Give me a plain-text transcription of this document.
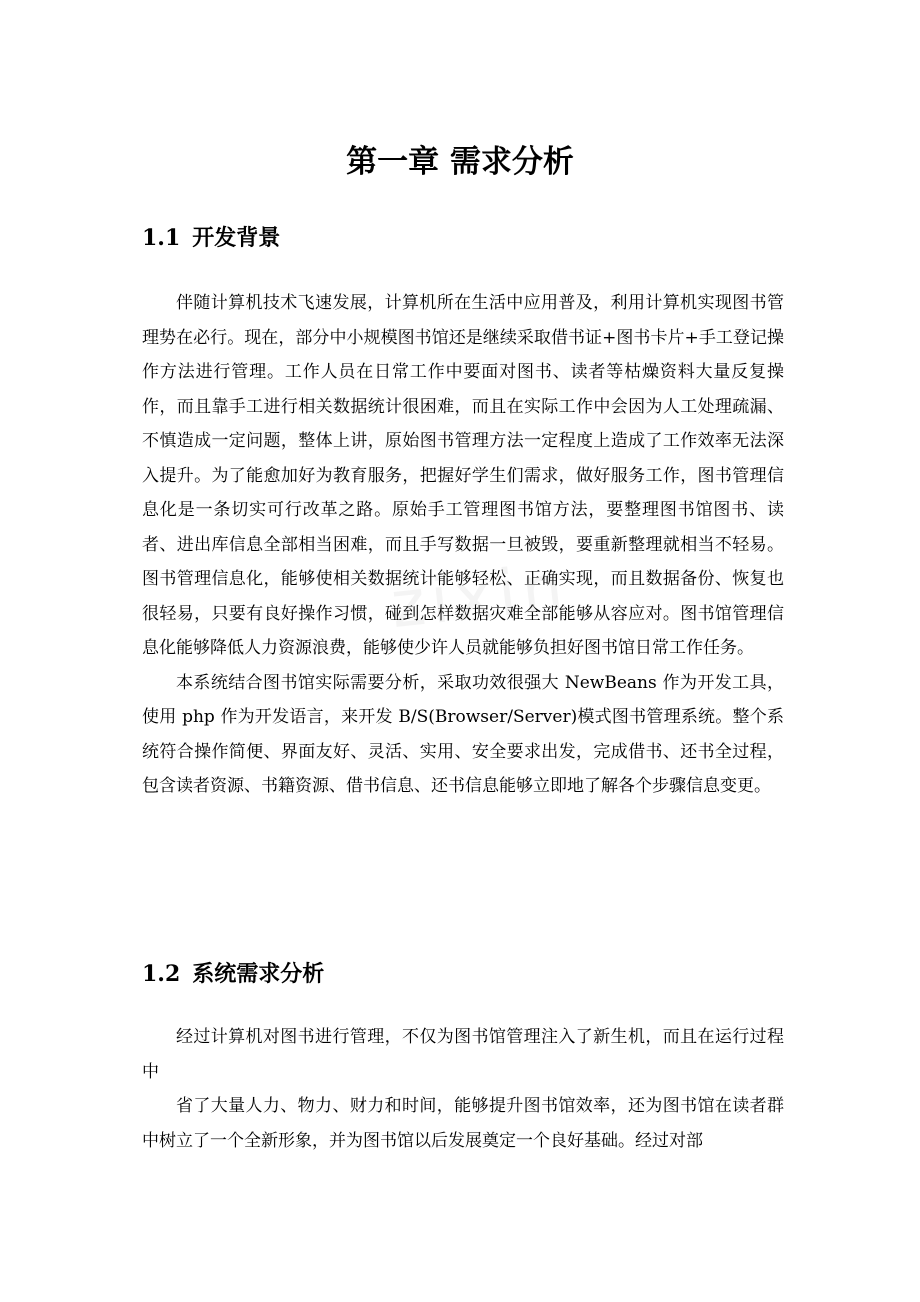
第一章 需求分析
1.1 开发背景

伴随计算机技术飞速发展，计算机所在生活中应用普及，利用计算机实现图书管理势在必行。现在，部分中小规模图书馆还是继续采取借书证+图书卡片+手工登记操作方法进行管理。工作人员在日常工作中要面对图书、读者等枯燥资料大量反复操作，而且靠手工进行相关数据统计很困难，而且在实际工作中会因为人工处理疏漏、不慎造成一定问题，整体上讲，原始图书管理方法一定程度上造成了工作效率无法深入提升。为了能愈加好为教育服务，把握好学生们需求，做好服务工作，图书管理信息化是一条切实可行改革之路。原始手工管理图书馆方法，要整理图书馆图书、读者、进出库信息全部相当困难，而且手写数据一旦被毁，要重新整理就相当不轻易。图书管理信息化，能够使相关数据统计能够轻松、正确实现，而且数据备份、恢复也很轻易，只要有良好操作习惯，碰到怎样数据灾难全部能够从容应对。图书馆管理信息化能够降低人力资源浪费，能够使少许人员就能够负担好图书馆日常工作任务。

本系统结合图书馆实际需要分析，采取功效很强大 NewBeans 作为开发工具，使用 php 作为开发语言，来开发 B/S(Browser/Server)模式图书管理系统。整个系统符合操作简便、界面友好、灵活、实用、安全要求出发，完成借书、还书全过程，包含读者资源、书籍资源、借书信息、还书信息能够立即地了解各个步骤信息变更。

1.2 系统需求分析

经过计算机对图书进行管理，不仅为图书馆管理注入了新生机，而且在运行过程中

省了大量人力、物力、财力和时间，能够提升图书馆效率，还为图书馆在读者群中树立了一个全新形象，并为图书馆以后发展奠定一个良好基础。经过对部

zixin
